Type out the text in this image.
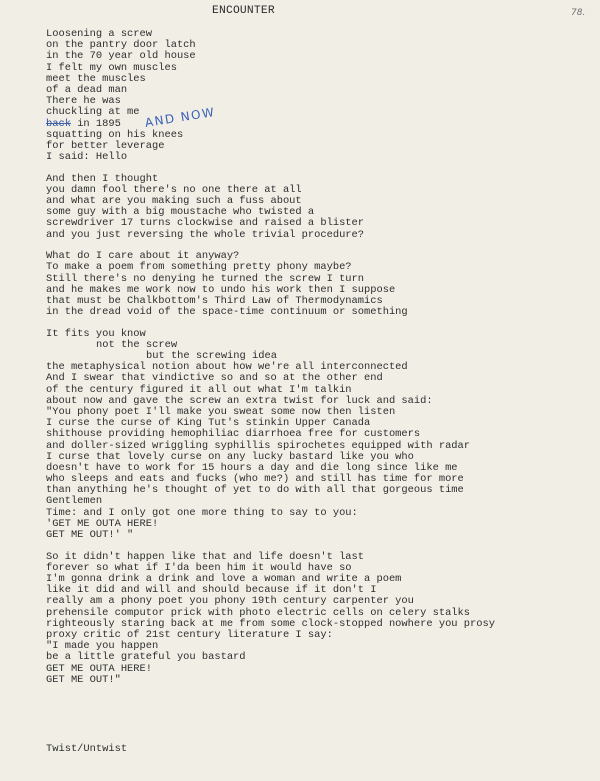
ENCOUNTER	78.
Loosening a screw
on the pantry door latch
in the 70 year old house
I felt my own muscles
meet the muscles
of a dead man
There he was
chuckling at me
back in 1895
squatting on his knees
for better leverage
I said: Hello
And then I thought
you damn fool there's no one there at all
and what are you making such a fuss about
some guy with a big moustache who twisted a
screwdriver 17 turns clockwise and raised a blister
and you just reversing the whole trivial procedure?
What do I care about it anyway?
To make a poem from something pretty phony maybe?
Still there's no denying he turned the screw I turn
and he makes me work now to undo his work then I suppose
that must be Chalkbottom's Third Law of Thermodynamics
in the dread void of the space-time continuum or something
It fits you know
not the screw
but the screwing idea
the metaphysical notion about how we're all interconnected
And I swear that vindictive so and so at the other end
of the century figured it all out what I'm talkin
about now and gave the screw an extra twist for luck and said:
"You phony poet I'll make you sweat some now then listen
I curse the curse of King Tut's stinkin Upper Canada
shithouse providing hemophiliac diarrhoea free for customers
and doller-sized wriggling syphillis spirochetes equipped with radar
I curse that lovely curse on any lucky bastard like you who
doesn't have to work for 15 hours a day and die long since like me
who sleeps and eats and fucks (who me?) and still has time for more
than anything he's thought of yet to do with all that gorgeous time
Gentlemen
Time: and I only got one more thing to say to you:
'GET ME OUTA HERE!
GET ME OUT!' "
So it didn't happen like that and life doesn't last
forever so what if I'da been him it would have so
I'm gonna drink a drink and love a woman and write a poem
like it did and will and should because if it don't I
really am a phony poet you phony 19th century carpenter you
prehensile computor prick with photo electric cells on celery stalks
righteously staring back at me from some clock-stopped nowhere you prosy
proxy critic of 21st century literature I say:
"I made you happen
be a little grateful you bastard
GET ME OUTA HERE!
GET ME OUT!"
AND NOW
Twist/Untwist
